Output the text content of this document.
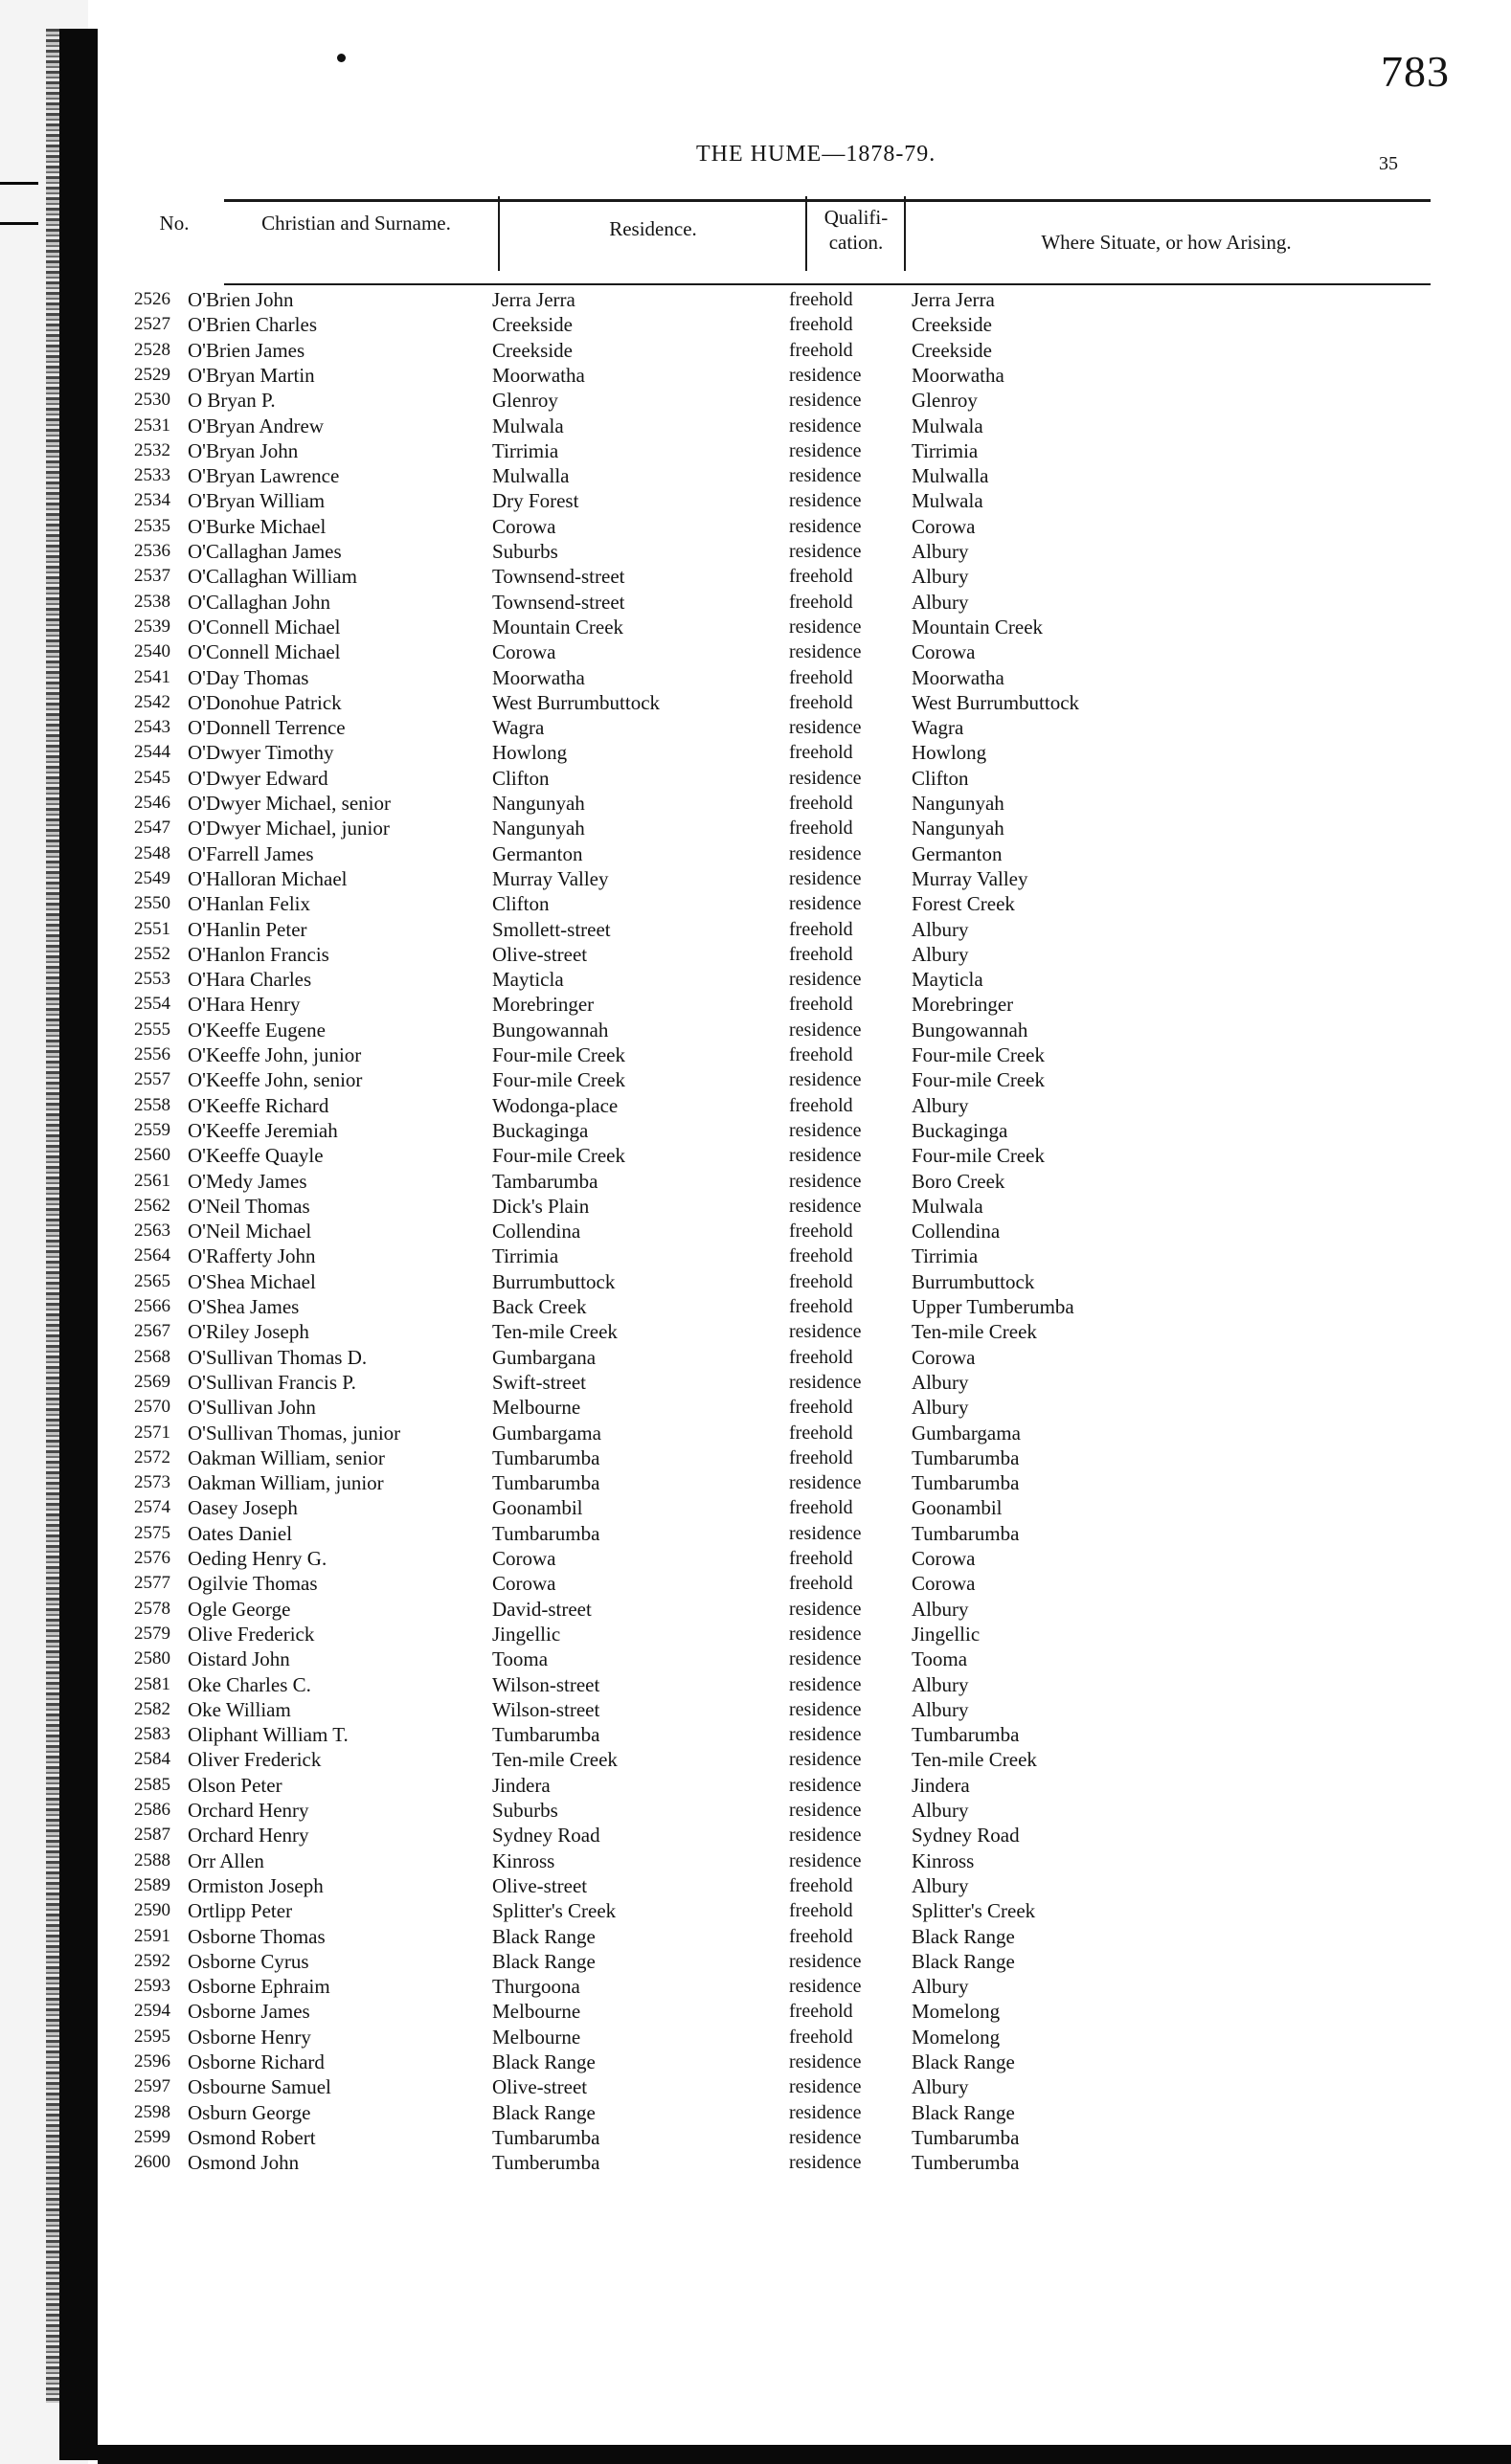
783
THE HUME—1878-79.	35
No.	Christian and Surname.	Residence.	Qualifi-
cation.	Where Situate, or how Arising.
2526 O'Brien John	Jerra Jerra	freehold	Jerra Jerra
2527 O'Brien Charles	Creekside	freehold	Creekside
2528 O'Brien James	Creekside	freehold	Creekside
2529 O'Bryan Martin	Moorwatha	residence Moorwatha
2530 O Bryan P.	Glenroy	residence Glenroy
2531 O'Bryan Andrew	Mulwala	residence Mulwala
2532 O'Bryan John	Tirrimia	residence Tirrimia
2533 O'Bryan Lawrence	Mulwalla	residence Mulwalla
2534 O'Bryan William	Dry Forest	residence Mulwala
2535 O'Burke Michael	Corowa	residence Corowa
2536 O'Callaghan James	Suburbs	residence Albury
2537 O'Callaghan William	Townsend-street	freehold	Albury
2538 O'Callaghan John	Townsend-street	freehold	Albury
2539 O'Connell Michael	Mountain Creek	residence Mountain Creek
2540 O'Connell Michael	Corowa	residence Corowa
2541 O'Day Thomas	Moorwatha	freehold	Moorwatha
2542 O'Donohue Patrick	West Burrumbuttock	freehold	West Burrumbuttock
2543 O'Donnell Terrence	Wagra	residence Wagra
2544 O'Dwyer Timothy	Howlong	freehold	Howlong
2545 O'Dwyer Edward	Clifton	residence Clifton
2546 O'Dwyer Michael, senior	Nangunyah	freehold	Nangunyah
2547 O'Dwyer Michael, junior	Nangunyah	freehold	Nangunyah
2548 O'Farrell James	Germanton	residence Germanton
2549 O'Halloran Michael	Murray Valley	residence Murray Valley
2550 O'Hanlan Felix	Clifton	residence Forest Creek
2551 O'Hanlin Peter	Smollett-street	freehold	Albury
2552 O'Hanlon Francis	Olive-street	freehold	Albury
2553 O'Hara Charles	Mayticla	residence Mayticla
2554 O'Hara Henry	Morebringer	freehold	Morebringer
2555 O'Keeffe Eugene	Bungowannah	residence Bungowannah
2556 O'Keeffe John, junior	Four-mile Creek	freehold	Four-mile Creek
2557 O'Keeffe John, senior	Four-mile Creek	residence Four-mile Creek
2558 O'Keeffe Richard	Wodonga-place	freehold	Albury
2559 O'Keeffe Jeremiah	Buckaginga	residence Buckaginga
2560 O'Keeffe Quayle	Four-mile Creek	residence Four-mile Creek
2561 O'Medy James	Tambarumba	residence Boro Creek
2562 O'Neil Thomas	Dick's Plain	residence Mulwala
2563 O'Neil Michael	Collendina	freehold	Collendina
2564 O'Rafferty John	Tirrimia	freehold	Tirrimia
2565 O'Shea Michael	Burrumbuttock	freehold	Burrumbuttock
2566 O'Shea James	Back Creek	freehold	Upper Tumberumba
2567 O'Riley Joseph	Ten-mile Creek	residence Ten-mile Creek
2568 O'Sullivan Thomas D.	Gumbargana	freehold	Corowa
2569 O'Sullivan Francis P.	Swift-street	residence Albury
2570 O'Sullivan John	Melbourne	freehold	Albury
2571 O'Sullivan Thomas, junior	Gumbargama	freehold	Gumbargama
2572 Oakman William, senior	Tumbarumba	freehold	Tumbarumba
2573 Oakman William, junior	Tumbarumba	residence Tumbarumba
2574 Oasey Joseph	Goonambil	freehold	Goonambil
2575 Oates Daniel	Tumbarumba	residence Tumbarumba
2576 Oeding Henry G.	Corowa	freehold	Corowa
2577 Ogilvie Thomas	Corowa	freehold	Corowa
2578 Ogle George	David-street	residence Albury
2579 Olive Frederick	Jingellic	residence Jingellic
2580 Oistard John	Tooma	residence Tooma
2581 Oke Charles C.	Wilson-street	residence Albury
2582 Oke William	Wilson-street	residence Albury
2583 Oliphant William T.	Tumbarumba	residence Tumbarumba
2584 Oliver Frederick	Ten-mile Creek	residence Ten-mile Creek
2585 Olson Peter	Jindera	residence Jindera
2586 Orchard Henry	Suburbs	residence Albury
2587 Orchard Henry	Sydney Road	residence Sydney Road
2588 Orr Allen	Kinross	residence Kinross
2589 Ormiston Joseph	Olive-street	freehold	Albury
2590 Ortlipp Peter	Splitter's Creek	freehold	Splitter's Creek
2591 Osborne Thomas	Black Range	freehold	Black Range
2592 Osborne Cyrus	Black Range	residence Black Range
2593 Osborne Ephraim	Thurgoona	residence Albury
2594 Osborne James	Melbourne	freehold	Momelong
2595 Osborne Henry	Melbourne	freehold	Momelong
2596 Osborne Richard	Black Range	residence Black Range
2597 Osbourne Samuel	Olive-street	residence Albury
2598 Osburn George	Black Range	residence Black Range
2599 Osmond Robert	Tumbarumba	residence Tumbarumba
2600 Osmond John	Tumberumba	residence Tumberumba
